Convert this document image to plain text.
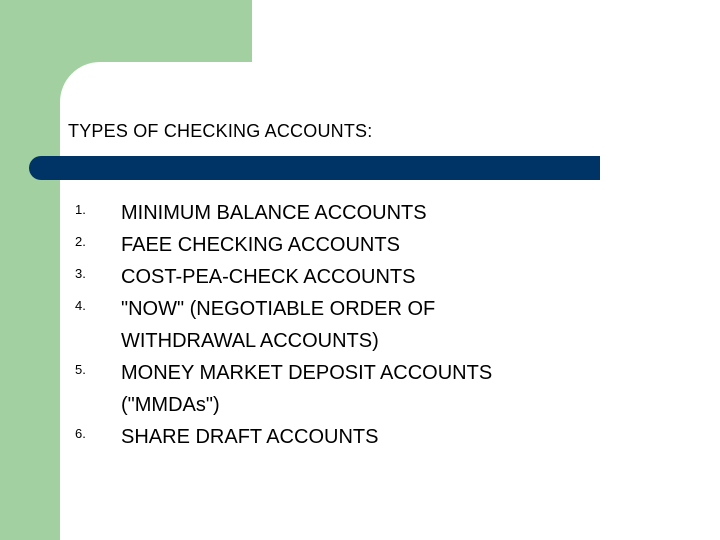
TYPES OF CHECKING ACCOUNTS:
1. MINIMUM BALANCE ACCOUNTS
2. FAEE CHECKING ACCOUNTS
3. COST-PEA-CHECK ACCOUNTS
4. "NOW" (NEGOTIABLE ORDER OF
WITHDRAWAL ACCOUNTS)
5. MONEY MARKET DEPOSIT ACCOUNTS
("MMDAs")
6. SHARE DRAFT ACCOUNTS
